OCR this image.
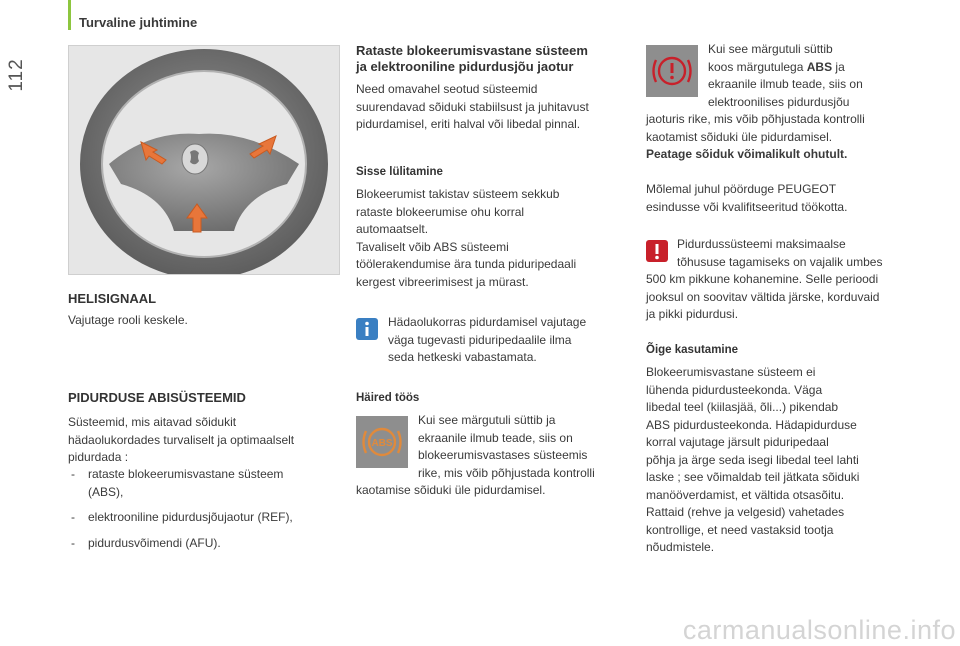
Turvaline juhtimine
112
HELISIGNAAL
Vajutage rooli keskele.
PIDURDUSE ABISÜSTEEMID
Süsteemid, mis aitavad sõidukit
hädaolukordades turvaliselt ja optimaalselt
pidurdada :
- rataste blokeerumisvastane süsteem
(ABS),
- elektrooniline pidurdusjõujaotur (REF),
- pidurdusvõimendi (AFU).
Rataste blokeerumisvastane süsteem
ja elektrooniline pidurdusjõu jaotur
Need omavahel seotud süsteemid
suurendavad sõiduki stabiilsust ja juhitavust
pidurdamisel, eriti halval või libedal pinnal.
Sisse lülitamine
Blokeerumist takistav süsteem sekkub
rataste blokeerumise ohu korral
automaatselt.
Tavaliselt võib ABS süsteemi
töölerakendumise ära tunda piduripedaali
kergest vibreerimisest ja mürast.
Hädaolukorras pidurdamisel vajutage
väga tugevasti piduripedaalile ilma
seda hetkeski vabastamata.
Häired töös
ABS
Kui see märgutuli süttib ja
ekraanile ilmub teade, siis on
blokeerumisvastases süsteemis
rike, mis võib põhjustada kontrolli
kaotamise sõiduki üle pidurdamisel.
Kui see märgutuli süttib
koos märgutulega ABS ja
ekraanile ilmub teade, siis on
elektroonilises pidurdusjõu
jaoturis rike, mis võib põhjustada kontrolli
kaotamist sõiduki üle pidurdamisel.
Peatage sõiduk võimalikult ohutult.
Mõlemal juhul pöörduge PEUGEOT
esindusse või kvalifitseeritud töökotta.
Pidurdussüsteemi maksimaalse
tõhususe tagamiseks on vajalik umbes
500 km pikkune kohanemine. Selle perioodi
jooksul on soovitav vältida järske, korduvaid
ja pikki pidurdusi.
Õige kasutamine
Blokeerumisvastane süsteem ei
lühenda pidurdusteekonda. Väga
libedal teel (kiilasjää, õli...) pikendab
ABS pidurdusteekonda. Hädapidurduse
korral vajutage järsult piduripedaal
põhja ja ärge seda isegi libedal teel lahti
laske ; see võimaldab teil jätkata sõiduki
manööverdamist, et vältida otsasõitu.
Rattaid (rehve ja velgesid) vahetades
kontrollige, et need vastaksid tootja
nõudmistele.
carmanualsonline.info
